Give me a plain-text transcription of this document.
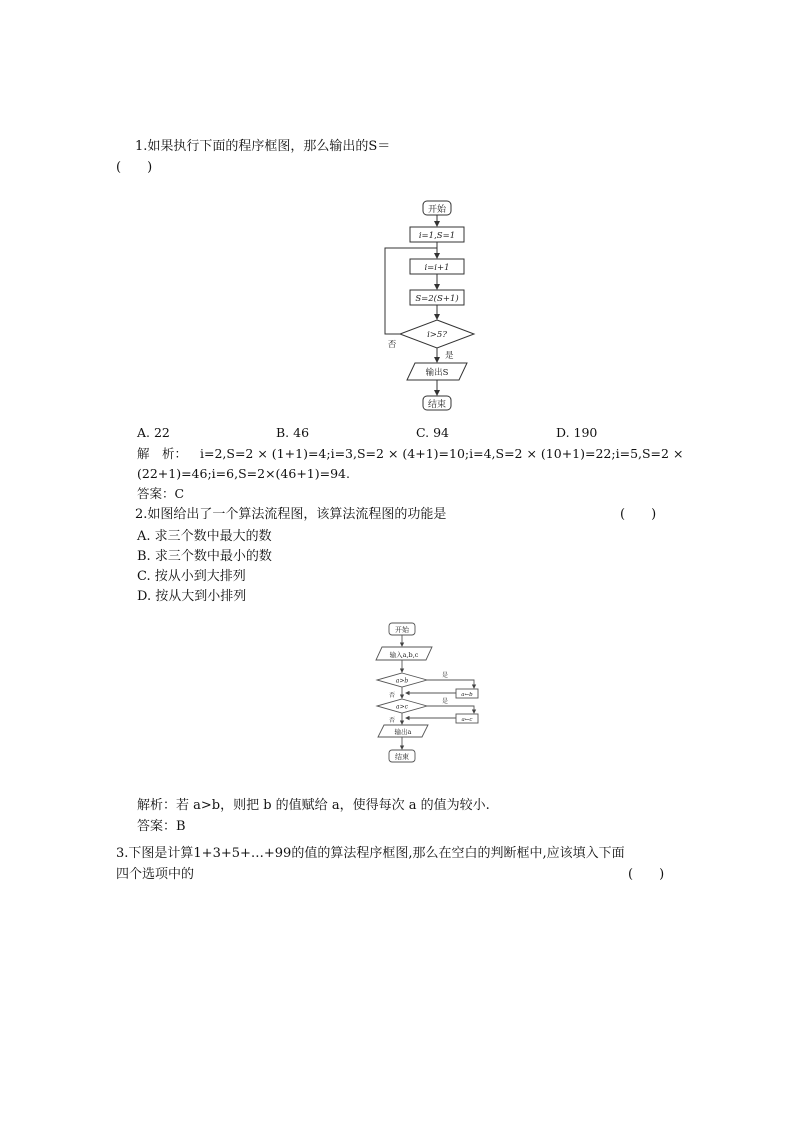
1.如果执行下面的程序框图，那么输出的S＝
(　　)
开始
i=1,S=1
i=i+1
S=2(S+1)
i>5?
否
是
输出S
结束
A. 22	B. 46	C. 94	D. 190
解　析： i=2,S=2 × (1+1)=4;i=3,S=2 × (4+1)=10;i=4,S=2 × (10+1)=22;i=5,S=2 ×
(22+1)=46;i=6,S=2×(46+1)=94.
答案：C
2.如图给出了一个算法流程图，该算法流程图的功能是	(　　)
A. 求三个数中最大的数
B. 求三个数中最小的数
C. 按从小到大排列
D. 按从大到小排列
开始
输入a,b,c
a>b
是
a←b
否
a>c
是
a←c
否
输出a
结束
解析：若 a>b，则把 b 的值赋给 a，使得每次 a 的值为较小.
答案：B
3.下图是计算1+3+5+…+99的值的算法程序框图,那么在空白的判断框中,应该填入下面
四个选项中的	(　　)
